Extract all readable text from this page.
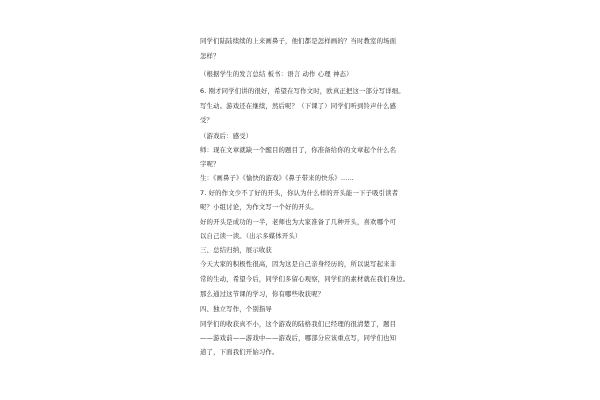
同学们陆陆续续的上来画鼻子，他们都是怎样画的？当时教室的场面
怎样？
（根据学生的发言总结 板书：语言 动作 心理 神态）
6. 刚才同学们讲的很好，希望在写作文时，欧真正把这一部分写详细。
写生动。游戏还在继续，然后呢？（下课了）同学们听到铃声什么感
受？
（游戏后：感受）
师：现在文章就缺一个醒目的题目了，你准备给你的文章起个什么名
字呢？
生：《画鼻子》《愉快的游戏》《鼻子带来的快乐》……
7. 好的作文少不了好的开头，你认为什么样的开头能一下子吸引读者
呢？小组讨论，为作文写一个好的开头。
好的开头是成功的一半，老师也为大家准备了几种开头，喜欢哪个可
以自己读一读。（出示多媒体开头）
三、总结归纳，展示收获
今天大家的积极性很高，因为这是自己亲身经历的，所以说写起来非
常的生动，希望今后，同学们多留心观察，同学们的素材就在我们身边。
那么通过这节课的学习，你有哪些收获呢？
四、独立写作，个别指导
同学们的收获真不小，这个游戏的陆格我们已经理的很清楚了，题目
——游戏前——游戏中——游戏后，哪部分应该重点写，同学们也知
道了，下面我们开始习作。
